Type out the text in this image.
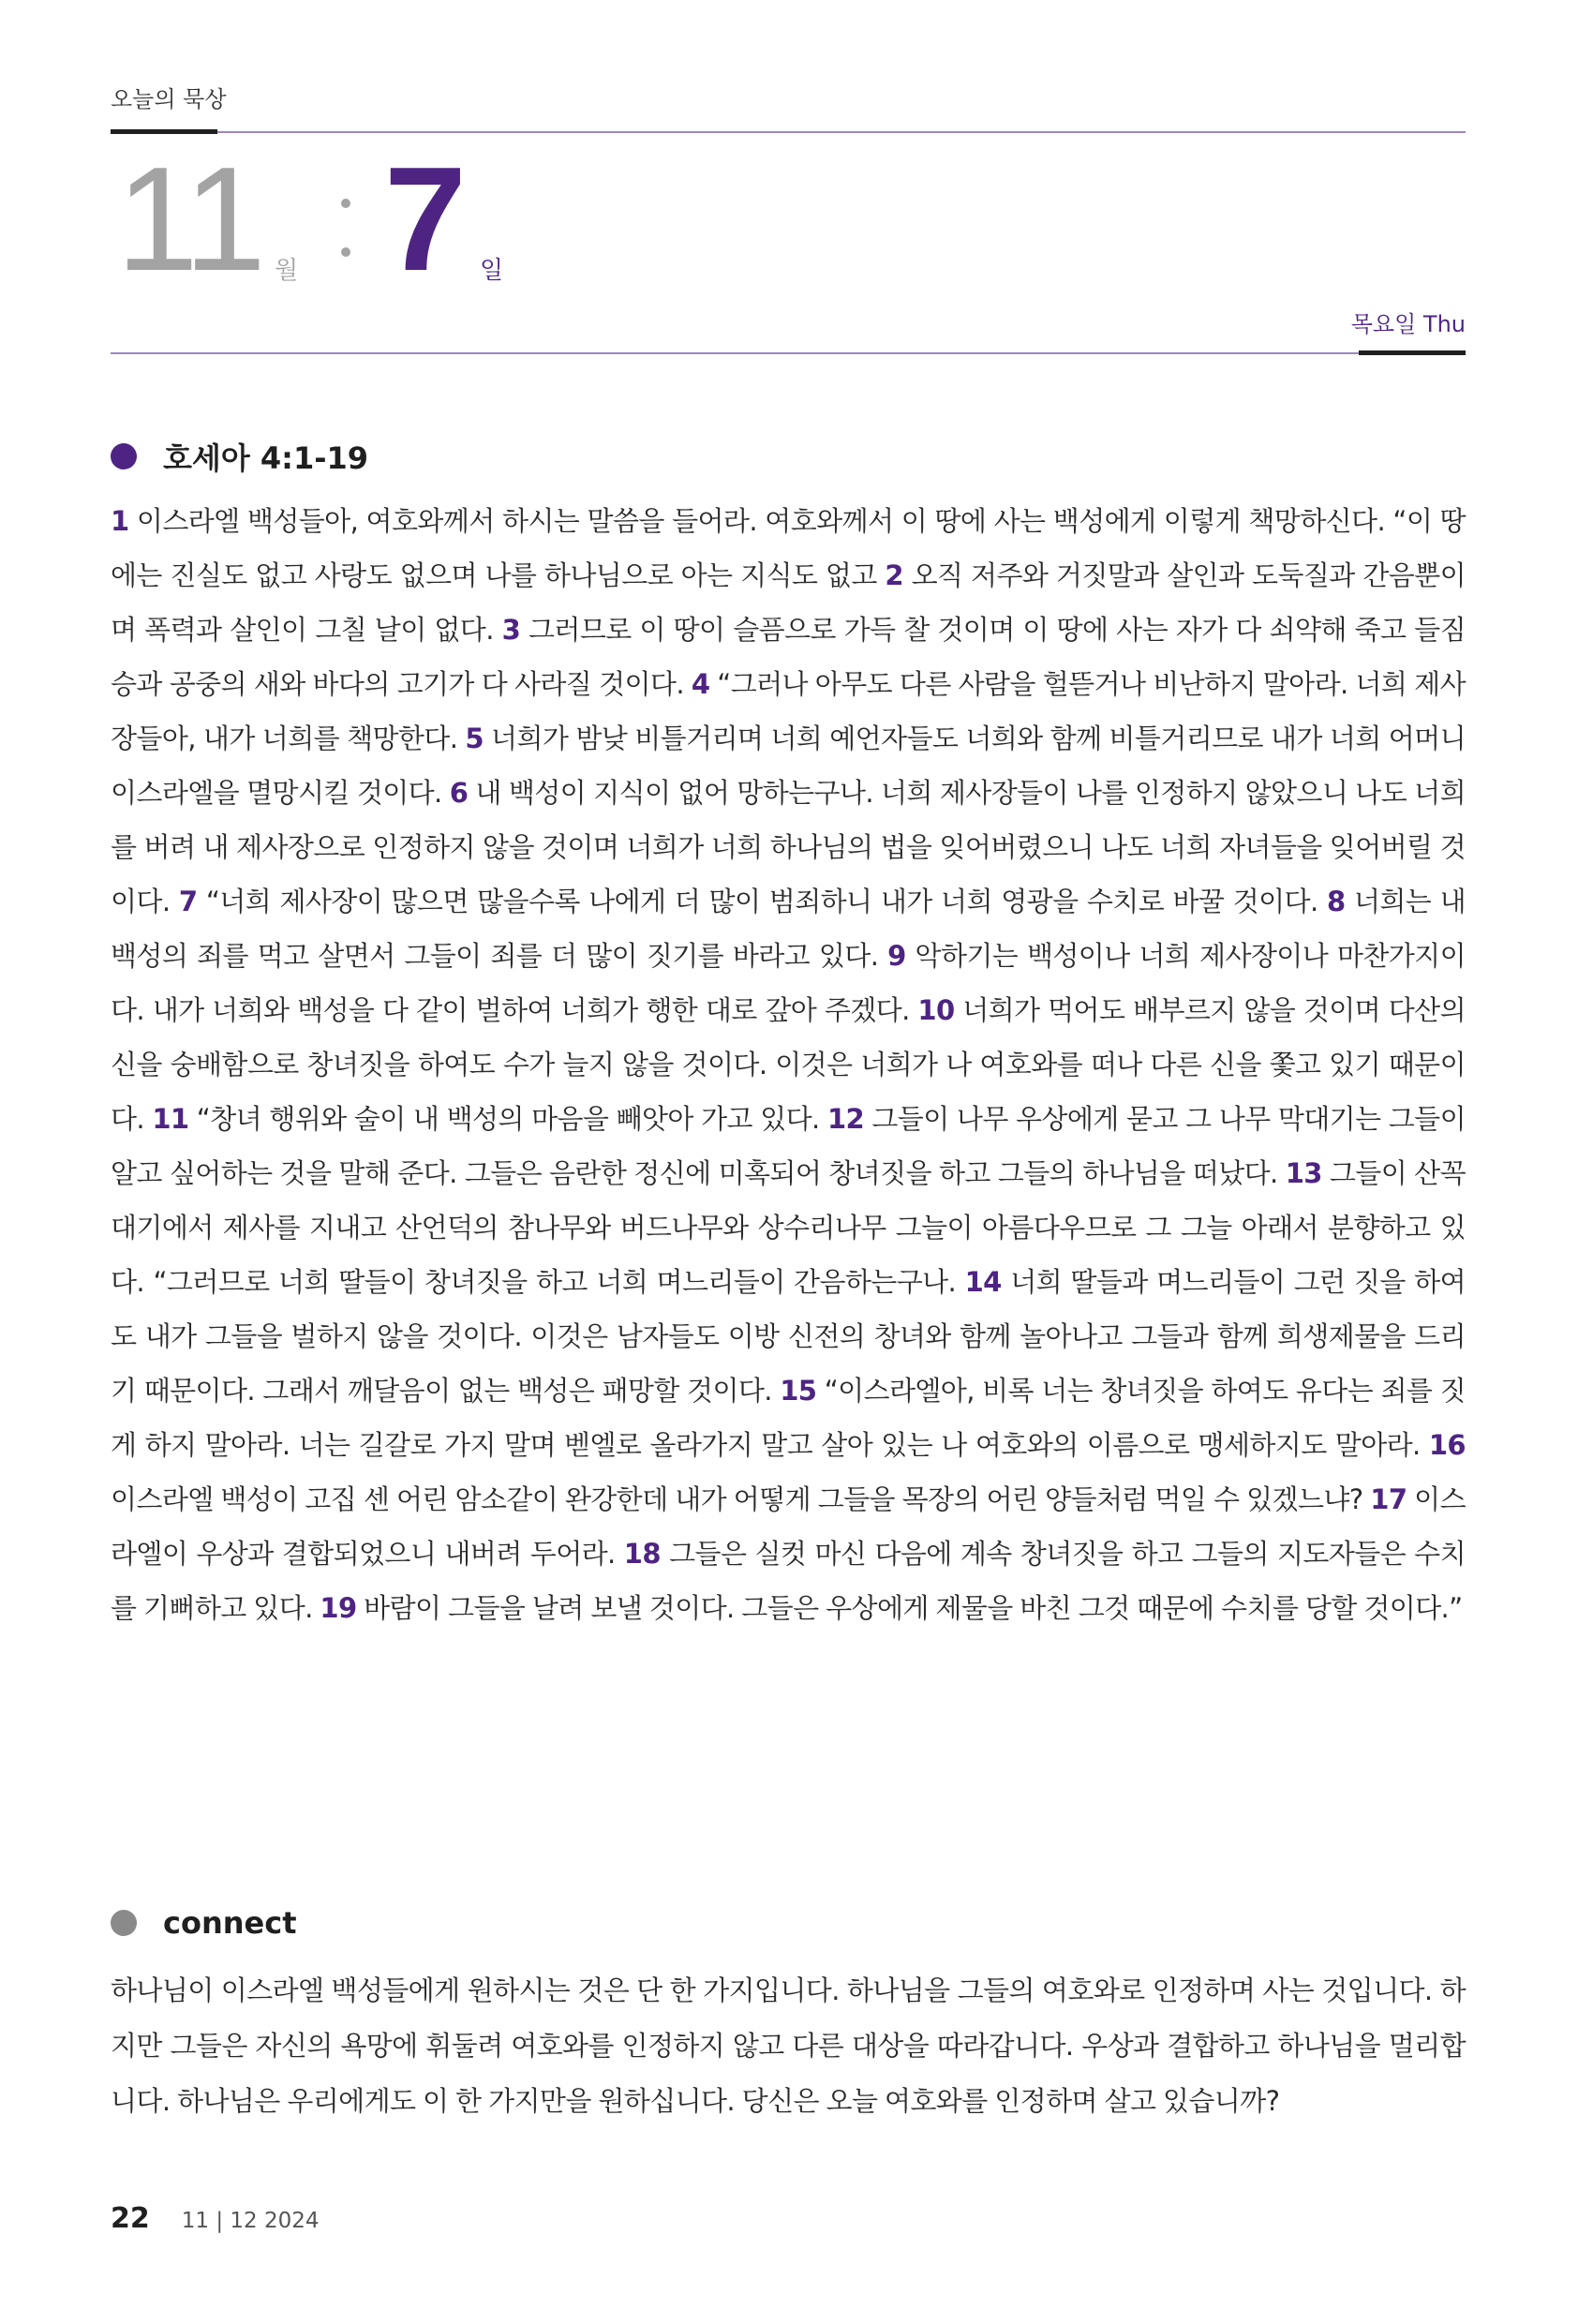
오늘의 묵상
11 월 7 일
목요일 Thu
호세아 4:1-19
1 이스라엘 백성들아, 여호와께서 하시는 말씀을 들어라. 여호와께서 이 땅에 사는 백성에게 이렇게 책망하신다. “이 땅에는 진실도 없고 사랑도 없으며 나를 하나님으로 아는 지식도 없고 2 오직 저주와 거짓말과 살인과 도둑질과 간음뿐이며 폭력과 살인이 그칠 날이 없다. 3 그러므로 이 땅이 슬픔으로 가득 찰 것이며 이 땅에 사는 자가 다 쇠약해 죽고 들짐승과 공중의 새와 바다의 고기가 다 사라질 것이다. 4 “그러나 아무도 다른 사람을 헐뜯거나 비난하지 말아라. 너희 제사장들아, 내가 너희를 책망한다. 5 너희가 밤낮 비틀거리며 너희 예언자들도 너희와 함께 비틀거리므로 내가 너희 어머니 이스라엘을 멸망시킬 것이다. 6 내 백성이 지식이 없어 망하는구나. 너희 제사장들이 나를 인정하지 않았으니 나도 너희를 버려 내 제사장으로 인정하지 않을 것이며 너희가 너희 하나님의 법을 잊어버렸으니 나도 너희 자녀들을 잊어버릴 것이다. 7 “너희 제사장이 많으면 많을수록 나에게 더 많이 범죄하니 내가 너희 영광을 수치로 바꿀 것이다. 8 너희는 내 백성의 죄를 먹고 살면서 그들이 죄를 더 많이 짓기를 바라고 있다. 9 악하기는 백성이나 너희 제사장이나 마찬가지이다. 내가 너희와 백성을 다 같이 벌하여 너희가 행한 대로 갚아 주겠다. 10 너희가 먹어도 배부르지 않을 것이며 다산의 신을 숭배함으로 창녀짓을 하여도 수가 늘지 않을 것이다. 이것은 너희가 나 여호와를 떠나 다른 신을 쫓고 있기 때문이다. 11 “창녀 행위와 술이 내 백성의 마음을 빼앗아 가고 있다. 12 그들이 나무 우상에게 묻고 그 나무 막대기는 그들이 알고 싶어하는 것을 말해 준다. 그들은 음란한 정신에 미혹되어 창녀짓을 하고 그들의 하나님을 떠났다. 13 그들이 산꼭대기에서 제사를 지내고 산언덕의 참나무와 버드나무와 상수리나무 그늘이 아름다우므로 그 그늘 아래서 분향하고 있다. “그러므로 너희 딸들이 창녀짓을 하고 너희 며느리들이 간음하는구나. 14 너희 딸들과 며느리들이 그런 짓을 하여도 내가 그들을 벌하지 않을 것이다. 이것은 남자들도 이방 신전의 창녀와 함께 놀아나고 그들과 함께 희생제물을 드리기 때문이다. 그래서 깨달음이 없는 백성은 패망할 것이다. 15 “이스라엘아, 비록 너는 창녀짓을 하여도 유다는 죄를 짓게 하지 말아라. 너는 길갈로 가지 말며 벧엘로 올라가지 말고 살아 있는 나 여호와의 이름으로 맹세하지도 말아라. 16 이스라엘 백성이 고집 센 어린 암소같이 완강한데 내가 어떻게 그들을 목장의 어린 양들처럼 먹일 수 있겠느냐? 17 이스라엘이 우상과 결합되었으니 내버려 두어라. 18 그들은 실컷 마신 다음에 계속 창녀짓을 하고 그들의 지도자들은 수치를 기뻐하고 있다. 19 바람이 그들을 날려 보낼 것이다. 그들은 우상에게 제물을 바친 그것 때문에 수치를 당할 것이다.”
connect
하나님이 이스라엘 백성들에게 원하시는 것은 단 한 가지입니다. 하나님을 그들의 여호와로 인정하며 사는 것입니다. 하지만 그들은 자신의 욕망에 휘둘려 여호와를 인정하지 않고 다른 대상을 따라갑니다. 우상과 결합하고 하나님을 멀리합니다. 하나님은 우리에게도 이 한 가지만을 원하십니다. 당신은 오늘 여호와를 인정하며 살고 있습니까?
22 11 | 12 2024
